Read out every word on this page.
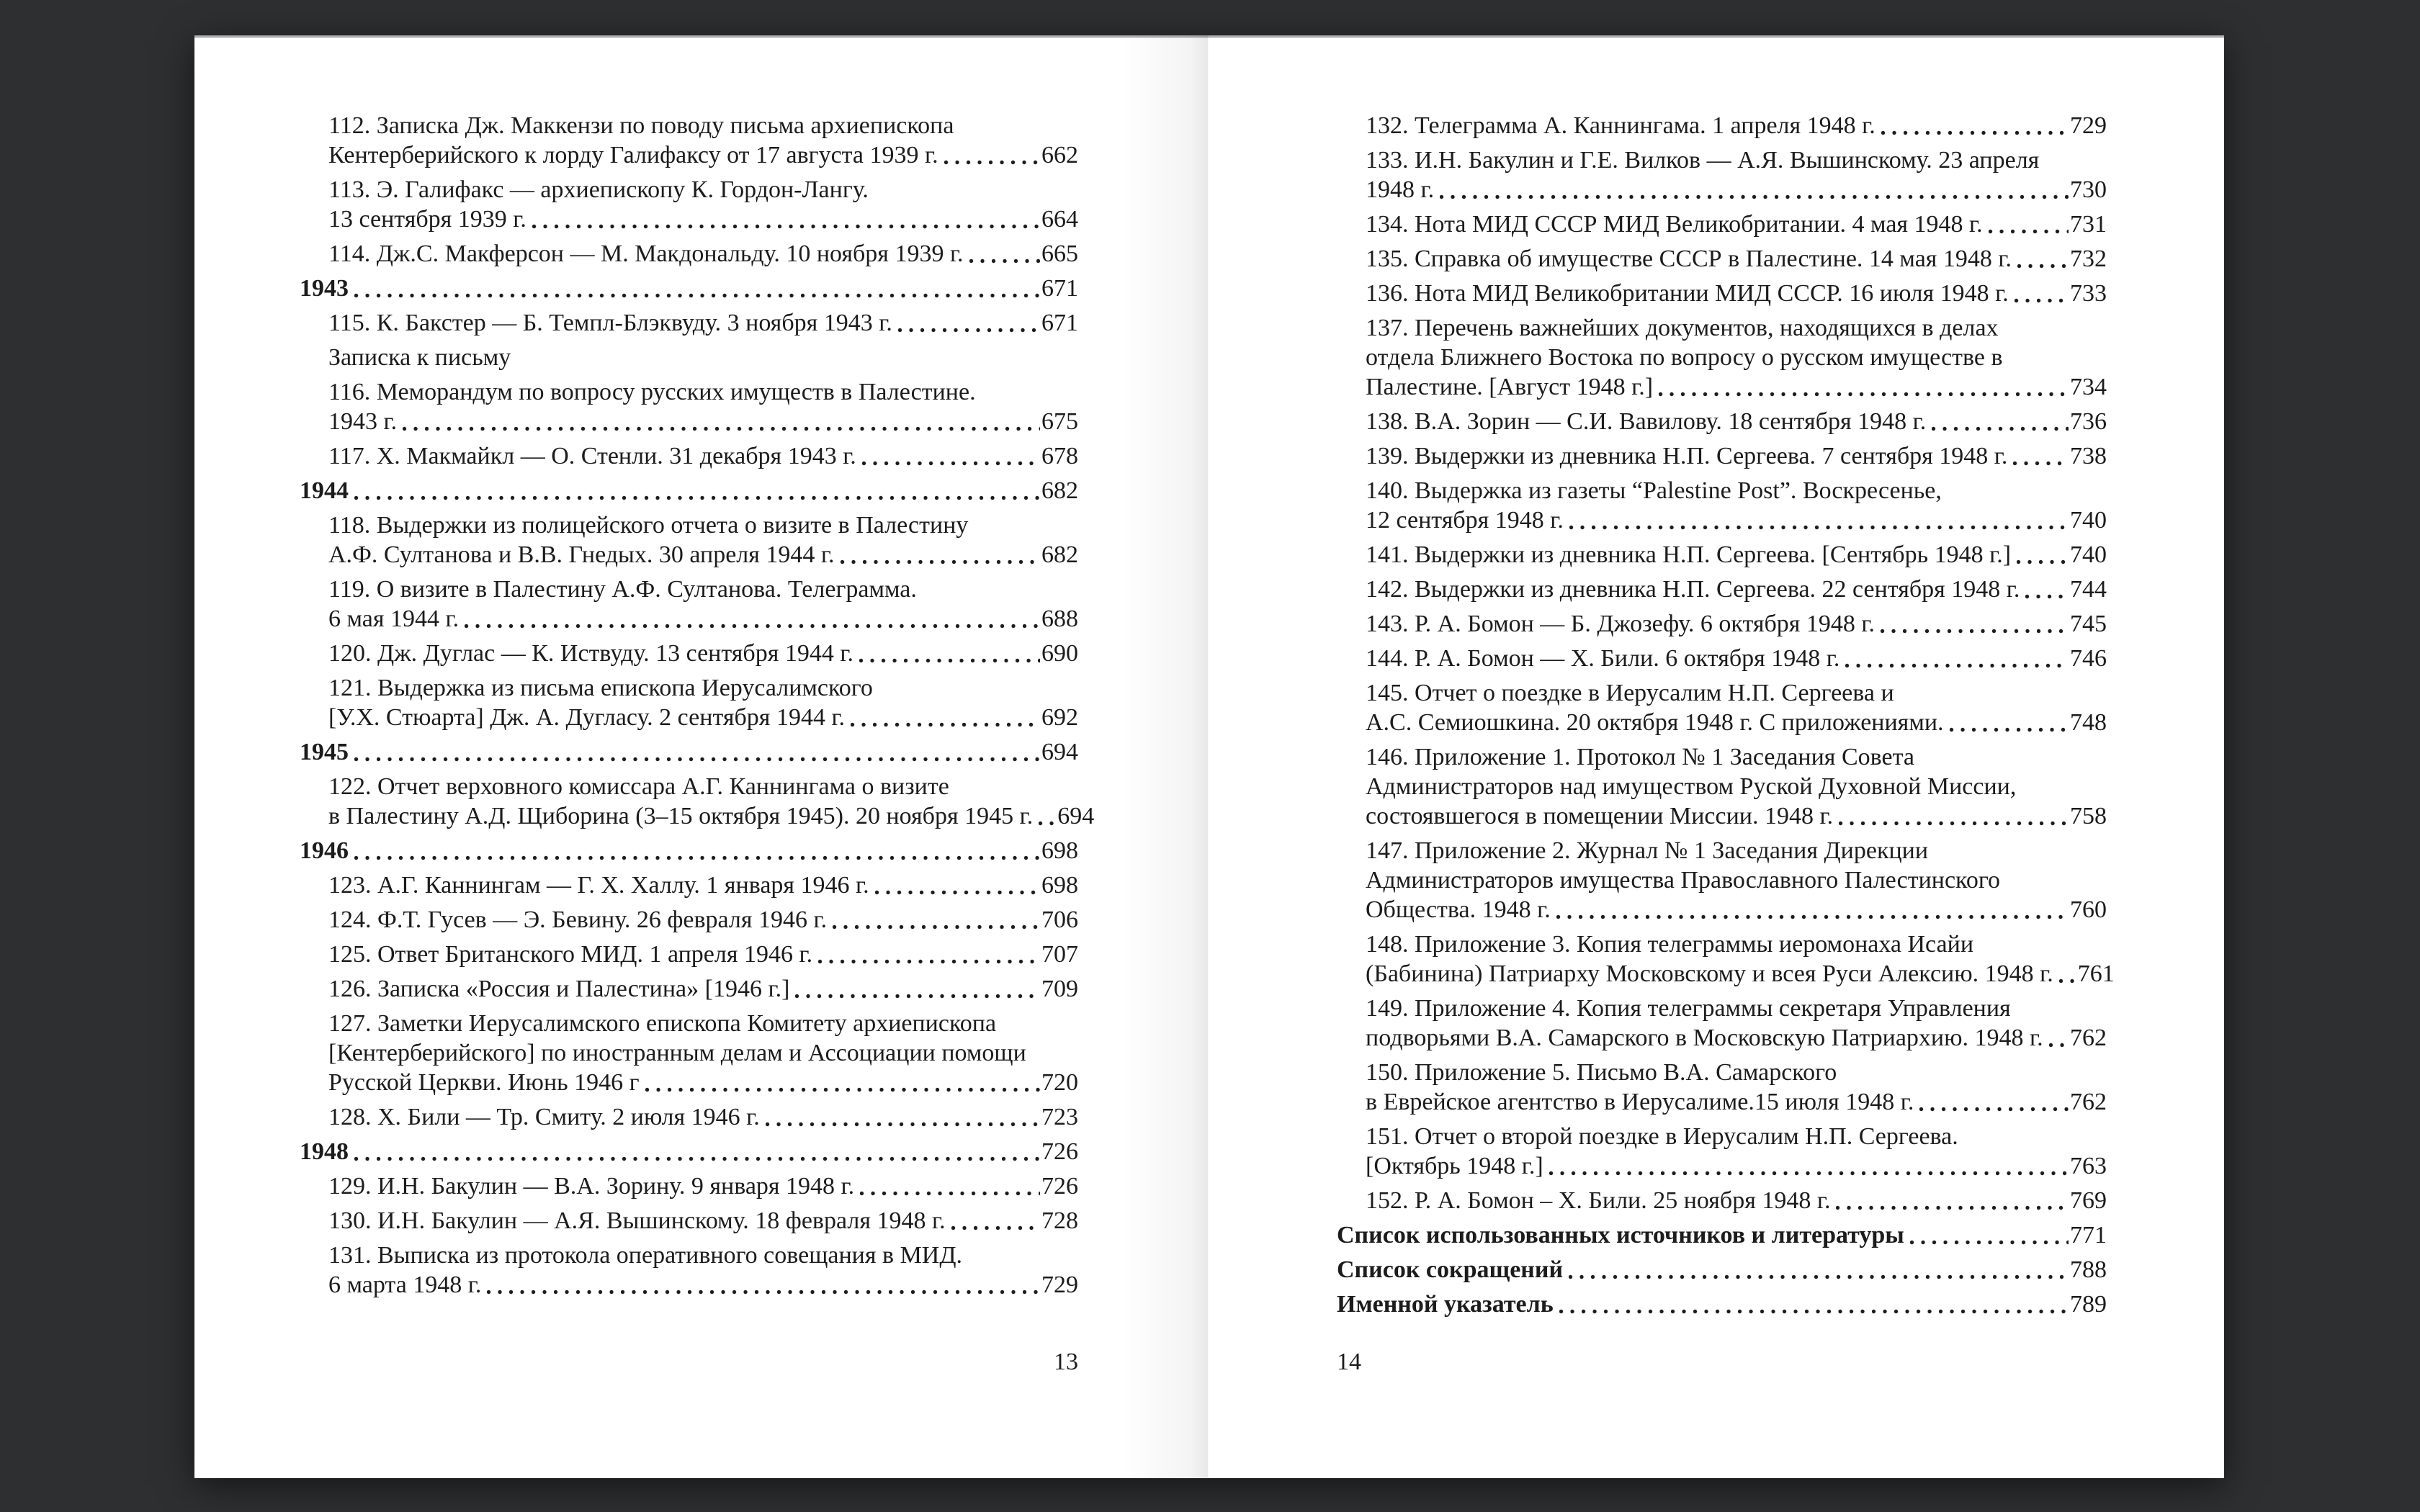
112. Записка Дж. Маккензи по поводу письма архиепископа
Кентерберийского к лорду Галифаксу от 17 августа 1939 г.	662
113. Э. Галифакс — архиепископу К. Гордон-Лангу.
13 сентября 1939 г.	664
114. Дж.С. Макферсон — М. Макдональду. 10 ноября 1939 г.	665
1943	671
115. К. Бакстер — Б. Темпл-Блэквуду. 3 ноября 1943 г.	671
Записка к письму
116. Меморандум по вопросу русских имуществ в Палестине.
1943 г.	675
117. Х. Макмайкл — О. Стенли. 31 декабря 1943 г.	678
1944	682
118. Выдержки из полицейского отчета о визите в Палестину
А.Ф. Султанова и В.В. Гнедых. 30 апреля 1944 г.	682
119. О визите в Палестину А.Ф. Султанова. Телеграмма.
6 мая 1944 г.	688
120. Дж. Дуглас — К. Иствуду. 13 сентября 1944 г.	690
121. Выдержка из письма епископа Иерусалимского
[У.Х. Стюарта] Дж. А. Дугласу. 2 сентября 1944 г.	692
1945	694
122. Отчет верховного комиссара А.Г. Каннингама о визите
в Палестину А.Д. Щиборина (3–15 октября 1945). 20 ноября 1945 г. 694
1946	698
123. А.Г. Каннингам — Г. Х. Халлу. 1 января 1946 г.	698
124. Ф.Т. Гусев — Э. Бевину. 26 февраля 1946 г.	706
125. Ответ Британского МИД. 1 апреля 1946 г.	707
126. Записка «Россия и Палестина» [1946 г.]	709
127. Заметки Иерусалимского епископа Комитету архиепископа
[Кентерберийского] по иностранным делам и Ассоциации помощи
Русской Церкви. Июнь 1946 г	720
128. Х. Били — Тр. Смиту. 2 июля 1946 г.	723
1948	726
129. И.Н. Бакулин — В.А. Зорину. 9 января 1948 г.	726
130. И.Н. Бакулин — А.Я. Вышинскому. 18 февраля 1948 г.	728
131. Выписка из протокола оперативного совещания в МИД.
6 марта 1948 г.	729
132. Телеграмма А. Каннингама. 1 апреля 1948 г.	729
133. И.Н. Бакулин и Г.Е. Вилков — А.Я. Вышинскому. 23 апреля
1948 г.	730
134. Нота МИД СССР МИД Великобритании. 4 мая 1948 г.	731
135. Справка об имуществе СССР в Палестине. 14 мая 1948 г. 732
136. Нота МИД Великобритании МИД СССР. 16 июля 1948 г.	733
137. Перечень важнейших документов, находящихся в делах
отдела Ближнего Востока по вопросу о русском имуществе в
Палестине. [Август 1948 г.]	734
138. В.А. Зорин — С.И. Вавилову. 18 сентября 1948 г.	736
139. Выдержки из дневника Н.П. Сергеева. 7 сентября 1948 г.	738
140. Выдержка из газеты “Palestine Post”. Воскресенье,
12 сентября 1948 г.	740
141. Выдержки из дневника Н.П. Сергеева. [Сентябрь 1948 г.] 740
142. Выдержки из дневника Н.П. Сергеева. 22 сентября 1948 г. 744
143. Р. А. Бомон — Б. Джозефу. 6 октября 1948 г.	745
144. Р. А. Бомон — Х. Били. 6 октября 1948 г.	746
145. Отчет о поездке в Иерусалим Н.П. Сергеева и
А.С. Семиошкина. 20 октября 1948 г. С приложениями.	748
146. Приложение 1. Протокол № 1 Заседания Совета
Администраторов над имуществом Руской Духовной Миссии,
состоявшегося в помещении Миссии. 1948 г.	758
147. Приложение 2. Журнал № 1 Заседания Дирекции
Администраторов имущества Православного Палестинского
Общества. 1948 г.	760
148. Приложение 3. Копия телеграммы иеромонаха Исайи
(Бабинина) Патриарху Московскому и всея Руси Алексию. 1948 г. 761
149. Приложение 4. Копия телеграммы секретаря Управления
подворьями В.А. Самарского в Московскую Патриархию. 1948 г. 762
150. Приложение 5. Письмо В.А. Самарского
в Еврейское агентство в Иерусалиме.15 июля 1948 г.	762
151. Отчет о второй поездке в Иерусалим Н.П. Сергеева.
[Октябрь 1948 г.]	763
152. Р. А. Бомон – Х. Били. 25 ноября 1948 г.	769
Список использованных источников и литературы	771
Список сокращений	788
Именной указатель	789
13	14
